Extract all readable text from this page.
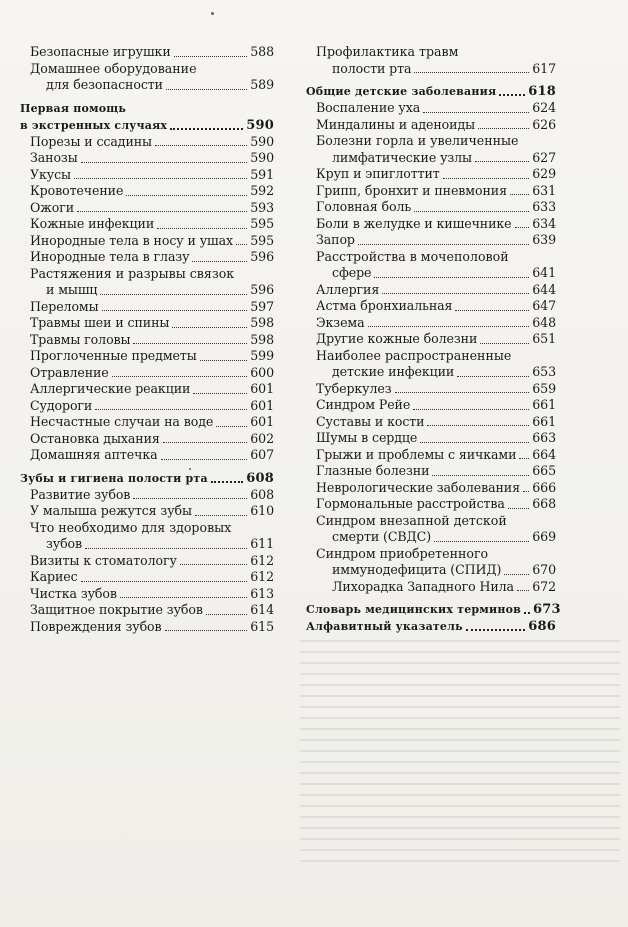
Безопасные игрушки	588
Домашнее оборудование
для безопасности	589
Первая помощь
в экстренных случаях	590
Порезы и ссадины	590
Занозы	590
Укусы	591
Кровотечение	592
Ожоги	593
Кожные инфекции	595
Инородные тела в носу и ушах 595
Инородные тела в глазу	596
Растяжения и разрывы связок
и мышц	596
Переломы	597
Травмы шеи и спины	598
Травмы головы	598
Проглоченные предметы	599
Отравление	600
Аллергические реакции	601
Судороги	601
Несчастные случаи на воде	601
Остановка дыхания	602
Домашняя аптечка	607
Зубы и гигиена полости рта	608
Развитие зубов	608
У малыша режутся зубы	610
Что необходимо для здоровых
зубов	611
Визиты к стоматологу	612
Кариес	612
Чистка зубов	613
Защитное покрытие зубов	614
Повреждения зубов	615
Профилактика травм
полости рта	617
Общие детские заболевания 618
Воспаление уха	624
Миндалины и аденоиды	626
Болезни горла и увеличенные
лимфатические узлы	627
Круп и эпиглоттит	629
Грипп, бронхит и пневмония 631
Головная боль	633
Боли в желудке и кишечнике 634
Запор	639
Расстройства в мочеполовой
сфере	641
Аллергия	644
Астма бронхиальная	647
Экзема	648
Другие кожные болезни	651
Наиболее распространенные
детские инфекции	653
Туберкулез	659
Синдром Рейе	661
Суставы и кости	661
Шумы в сердце	663
Грыжи и проблемы с яичками 664
Глазные болезни	665
Неврологические заболевания 666
Гормональные расстройства 668
Синдром внезапной детской
смерти (СВДС)	669
Синдром приобретенного
иммунодефицита (СПИД) 670
Лихорадка Западного Нила 672
Словарь медицинских терминов 673
Алфавитный указатель	686
